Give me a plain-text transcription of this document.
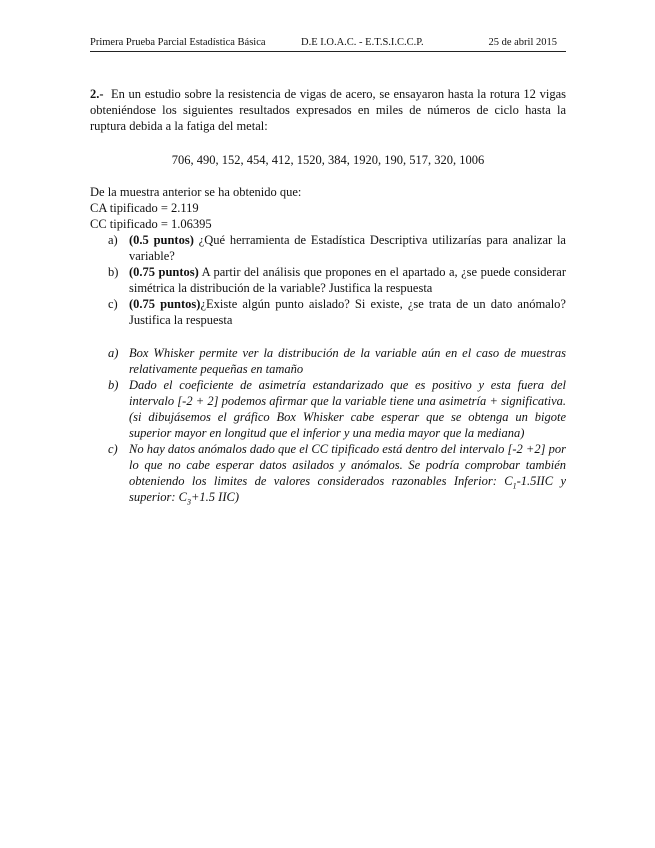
Primera Prueba Parcial Estadística Básica	D.E I.O.A.C. - E.T.S.I.C.C.P.	25 de abril 2015

2.- En un estudio sobre la resistencia de vigas de acero, se ensayaron hasta la rotura 12 vigas obteniéndose los siguientes resultados expresados en miles de números de ciclo hasta la ruptura debida a la fatiga del metal:

706, 490, 152, 454, 412, 1520, 384, 1920, 190, 517, 320, 1006

De la muestra anterior se ha obtenido que:

CA tipificado = 2.119

CC tipificado = 1.06395

a) (0.5 puntos) ¿Qué herramienta de Estadística Descriptiva utilizarías para analizar la variable?
b) (0.75 puntos) A partir del análisis que propones en el apartado a, ¿se puede considerar simétrica la distribución de la variable? Justifica la respuesta
c) (0.75 puntos)¿Existe algún punto aislado? Si existe, ¿se trata de un dato anómalo? Justifica la respuesta
a) Box Whisker permite ver la distribución de la variable aún en el caso de muestras relativamente pequeñas en tamaño
b) Dado el coeficiente de asimetría estandarizado que es positivo y esta fuera del intervalo [-2 + 2] podemos afirmar que la variable tiene una asimetría + significativa. (si dibujásemos el gráfico Box Whisker cabe esperar que se obtenga un bigote superior mayor en longitud que el inferior y una media mayor que la mediana)
c) No hay datos anómalos dado que el CC tipificado está dentro del intervalo [-2 +2] por lo que no cabe esperar datos asilados y anómalos. Se podría comprobar también obteniendo los limites de valores considerados razonables Inferior: $C_1-1.5IIC$ y superior: $C_3+1.5$ IIC)
